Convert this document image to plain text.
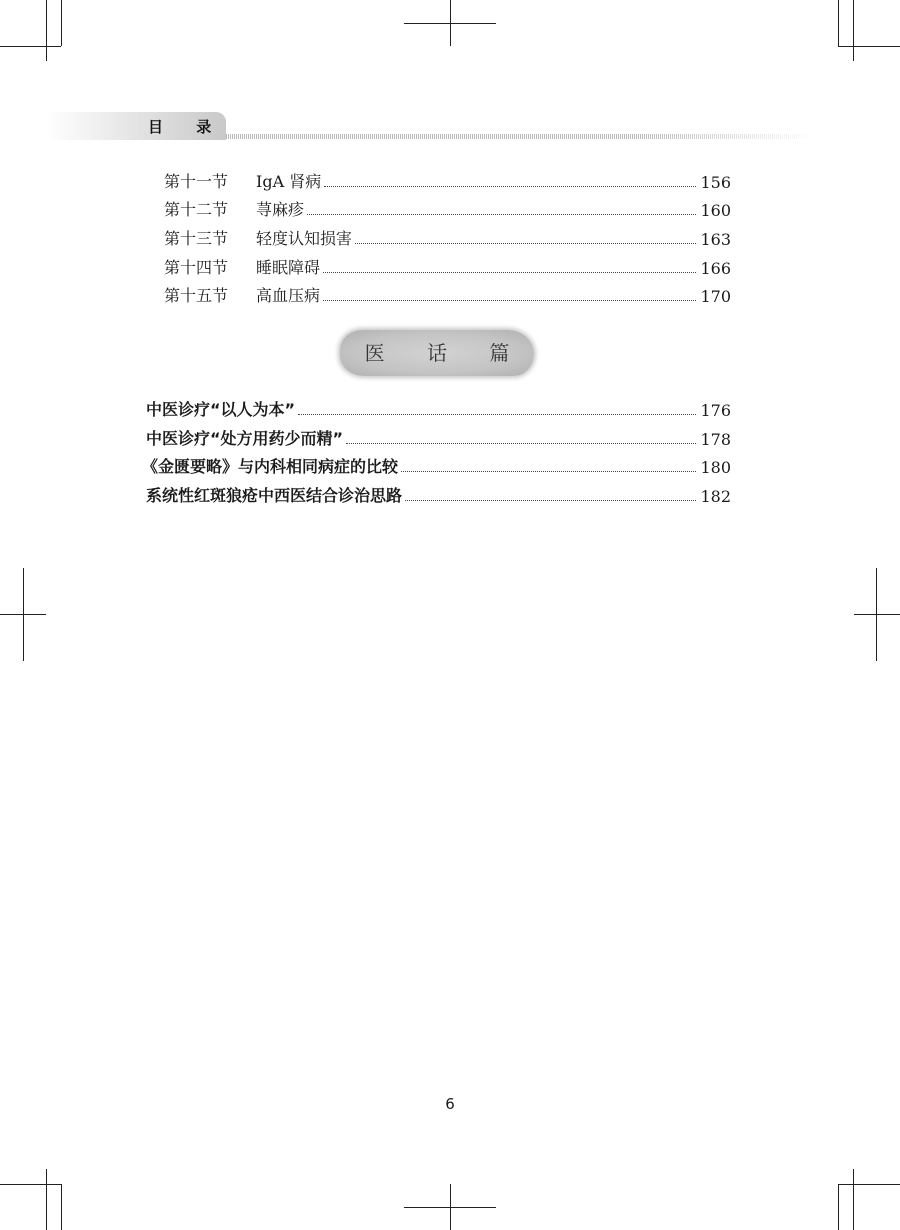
目 录
第十一节	IgA 肾病	156
第十二节	荨麻疹	160
第十三节	轻度认知损害	163
第十四节	睡眠障碍	166
第十五节	高血压病	170
医 话 篇
中医诊疗“以人为本”	176
中医诊疗“处方用药少而精”	178
《金匮要略》与内科相同病症的比较	180
系统性红斑狼疮中西医结合诊治思路	182
6
